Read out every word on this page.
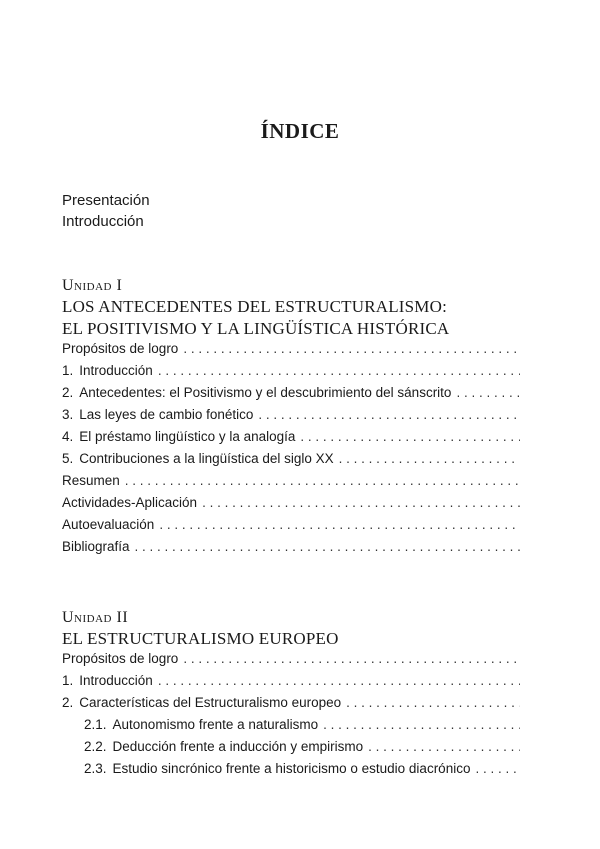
ÍNDICE
Presentación
Introducción
Unidad I
LOS ANTECEDENTES DEL ESTRUCTURALISMO:
EL POSITIVISMO Y LA LINGÜÍSTICA HISTÓRICA
Propósitos de logro
. . .
1. Introducción
. . .
2. Antecedentes: el Positivismo y el descubrimiento del sánscrito
. . .
3. Las leyes de cambio fonético
. . .
4. El préstamo lingüístico y la analogía
. . .
5. Contribuciones a la lingüística del siglo XX
. . .
Resumen
. . .
Actividades-Aplicación
. . .
Autoevaluación
. . .
Bibliografía
. . .
Unidad II
EL ESTRUCTURALISMO EUROPEO
Propósitos de logro
. . .
1. Introducción
. . .
2. Características del Estructuralismo europeo
. . .
2.1. Autonomismo frente a naturalismo
. . .
2.2. Deducción frente a inducción y empirismo
. . .
2.3. Estudio sincrónico frente a historicismo o estudio diacrónico
. . .
